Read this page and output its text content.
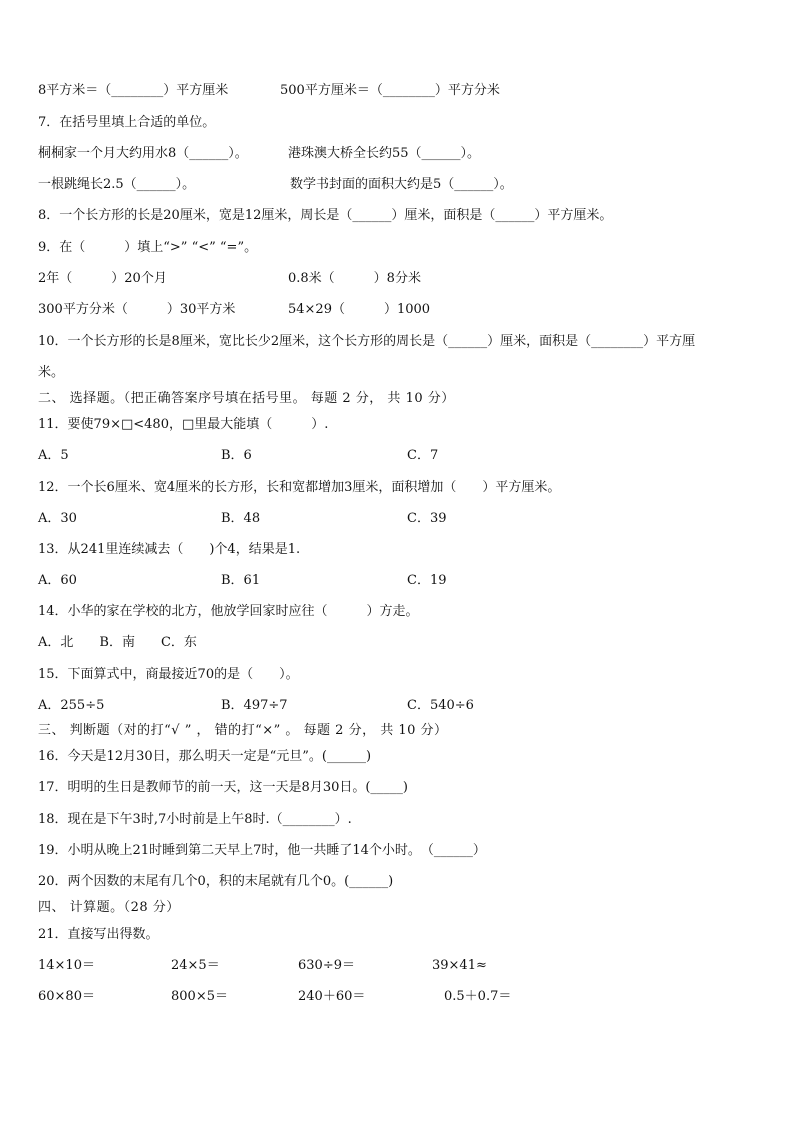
8平方米＝（________）平方厘米	500平方厘米＝（________）平方分米
7．在括号里填上合适的单位。
桐桐家一个月大约用水8（______）。	港珠澳大桥全长约55（______）。
一根跳绳长2.5（______）。	数学书封面的面积大约是5（______）。
8．一个长方形的长是20厘米，宽是12厘米，周长是（______）厘米，面积是（______）平方厘米。
9．在（　　　）填上“>” “<” “=”。
2年（　　　）20个月	0.8米（　　　）8分米
300平方分米（　　　）30平方米	54×29（　　　）1000
10．一个长方形的长是8厘米，宽比长少2厘米，这个长方形的周长是（______）厘米，面积是（________）平方厘
米。
二、 选择题。（把正确答案序号填在括号里。 每题 2 分， 共 10 分）
11．要使79×□<480，□里最大能填（　　　）.
A．5	B．6	C．7
12．一个长6厘米、宽4厘米的长方形，长和宽都增加3厘米，面积增加（　　）平方厘米。
A．30	B．48	C．39
13．从241里连续减去（　　)个4，结果是1.
A．60	B．61	C．19
14．小华的家在学校的北方，他放学回家时应往（　　　）方走。
A．北　　B．南　　C．东
15．下面算式中，商最接近70的是（　　）。
A．255÷5	B．497÷7	C．540÷6
三、 判断题（对的打“√ ” ， 错的打“×” 。 每题 2 分， 共 10 分）
16．今天是12月30日，那么明天一定是“元旦”。(______)
17．明明的生日是教师节的前一天，这一天是8月30日。(_____)
18．现在是下午3时,7小时前是上午8时.（________）.
19．小明从晚上21时睡到第二天早上7时，他一共睡了14个小时。　（______）
20．两个因数的末尾有几个0，积的末尾就有几个0。(______)
四、 计算题。（28 分）
21．直接写出得数。
14×10＝	24×5＝	630÷9＝	39×41≈
60×80＝	800×5＝	240＋60＝	0.5＋0.7＝
